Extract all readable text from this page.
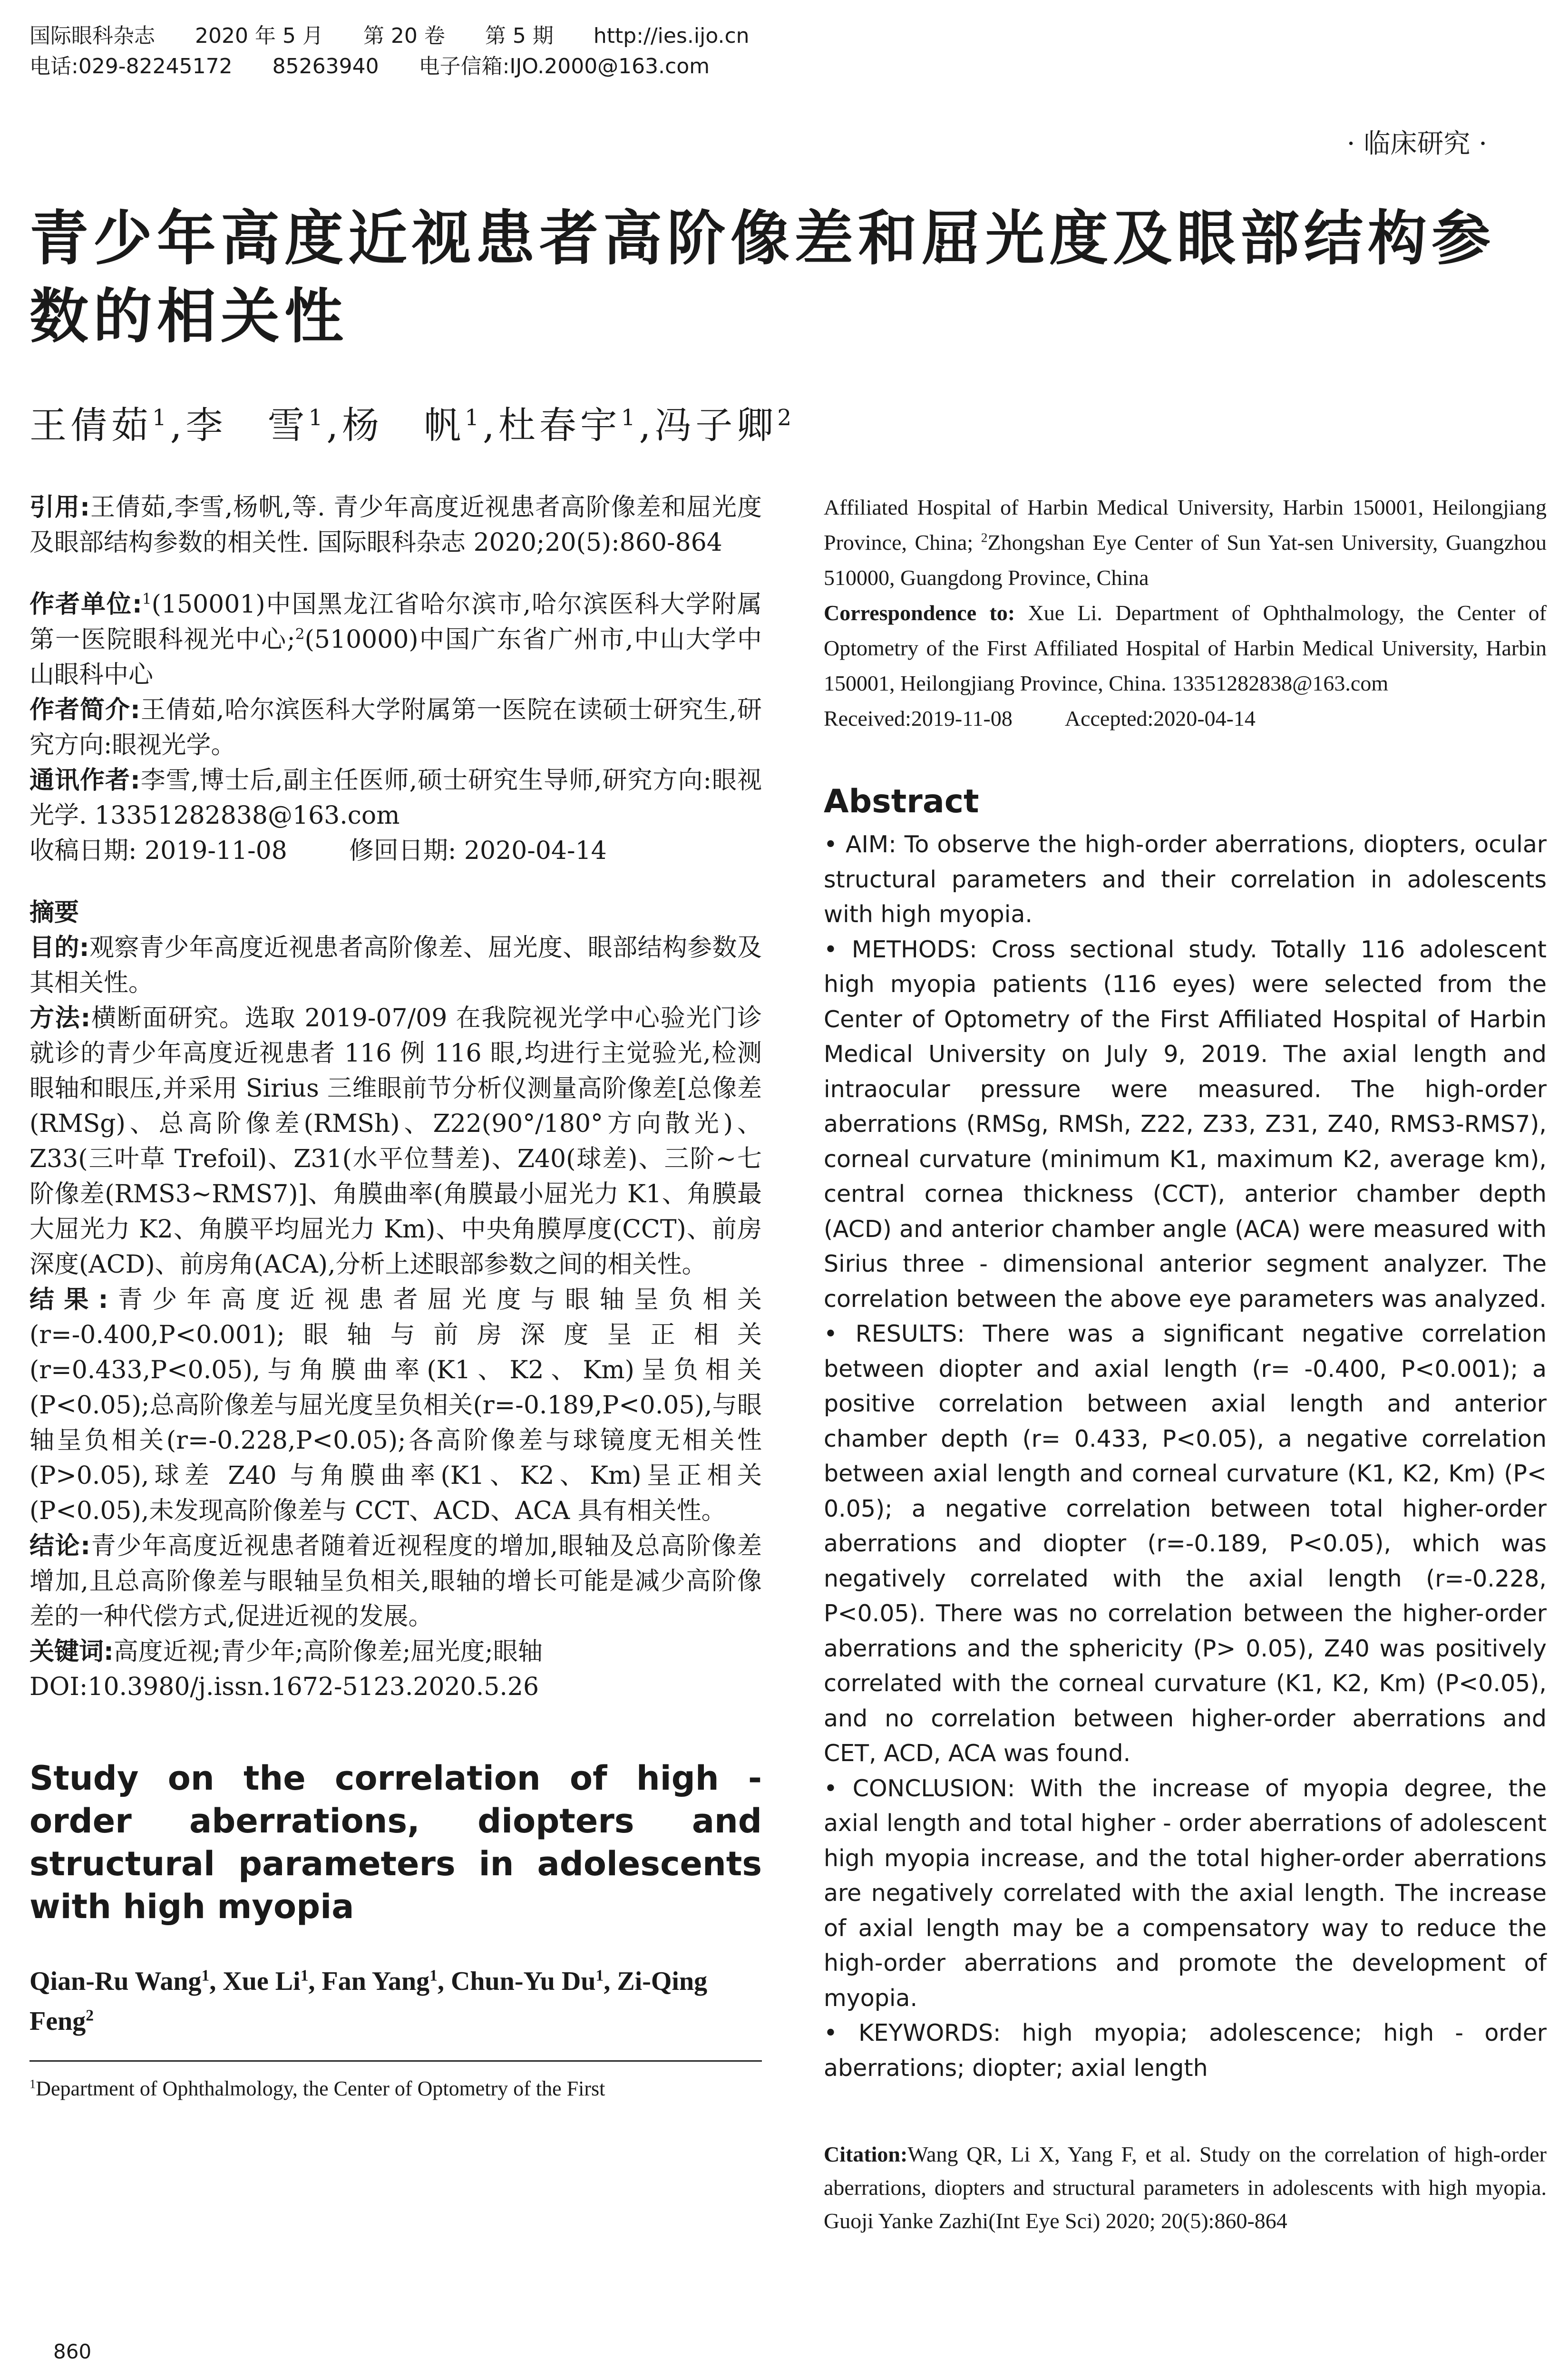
国际眼科杂志 2020 年 5 月 第 20 卷 第 5 期 http://ies.ijo.cn
电话:029-82245172 85263940 电子信箱:IJO.2000@163.com
· 临床研究 ·
青少年高度近视患者高阶像差和屈光度及眼部结构参数的相关性
王倩茹$^1$,李　雪$^1$,杨　帆$^1$,杜春宇$^1$,冯子卿$^2$

引用:王倩茹,李雪,杨帆,等. 青少年高度近视患者高阶像差和屈光度及眼部结构参数的相关性. 国际眼科杂志 2020;20(5):860-864

作者单位:$^1$(150001)中国黑龙江省哈尔滨市,哈尔滨医科大学附属第一医院眼科视光中心;$^2$(510000)中国广东省广州市,中山大学中山眼科中心

作者简介:王倩茹,哈尔滨医科大学附属第一医院在读硕士研究生,研究方向:眼视光学。

通讯作者:李雪,博士后,副主任医师,硕士研究生导师,研究方向:眼视光学. 13351282838@163.com

收稿日期: 2019-11-08	修回日期: 2020-04-14

摘要

目的:观察青少年高度近视患者高阶像差、屈光度、眼部结构参数及其相关性。

方法:横断面研究。选取 2019-07/09 在我院视光学中心验光门诊就诊的青少年高度近视患者 116 例 116 眼,均进行主觉验光,检测眼轴和眼压,并采用 Sirius 三维眼前节分析仪测量高阶像差[总像差(RMSg)、总高阶像差(RMSh)、Z22(90°/180°方向散光)、Z33(三叶草 Trefoil)、Z31(水平位彗差)、Z40(球差)、三阶~七阶像差(RMS3~RMS7)]、角膜曲率(角膜最小屈光力 K1、角膜最大屈光力 K2、角膜平均屈光力 Km)、中央角膜厚度(CCT)、前房深度(ACD)、前房角(ACA),分析上述眼部参数之间的相关性。

结果:青少年高度近视患者屈光度与眼轴呈负相关(r=-0.400,P<0.001);眼轴与前房深度呈正相关(r=0.433,P<0.05),与角膜曲率(K1、K2、Km)呈负相关(P<0.05);总高阶像差与屈光度呈负相关(r=-0.189,P<0.05),与眼轴呈负相关(r=-0.228,P<0.05);各高阶像差与球镜度无相关性(P>0.05),球差 Z40 与角膜曲率(K1、K2、Km)呈正相关(P<0.05),未发现高阶像差与 CCT、ACD、ACA 具有相关性。

结论:青少年高度近视患者随着近视程度的增加,眼轴及总高阶像差增加,且总高阶像差与眼轴呈负相关,眼轴的增长可能是减少高阶像差的一种代偿方式,促进近视的发展。

关键词:高度近视;青少年;高阶像差;屈光度;眼轴

DOI:10.3980/j.issn.1672-5123.2020.5.26

Study on the correlation of high - order aberrations, diopters and structural parameters in adolescents with high myopia
Qian-Ru Wang$^1$, Xue Li$^1$, Fan Yang$^1$, Chun-Yu Du$^1$, Zi-Qing Feng$^2$
$^1$Department of Ophthalmology, the Center of Optometry of the First

Affiliated Hospital of Harbin Medical University, Harbin 150001, Heilongjiang Province, China; $^2$Zhongshan Eye Center of Sun Yat-sen University, Guangzhou 510000, Guangdong Province, China

Correspondence to: Xue Li. Department of Ophthalmology, the Center of Optometry of the First Affiliated Hospital of Harbin Medical University, Harbin 150001, Heilongjiang Province, China. 13351282838@163.com

Received:2019-11-08 Accepted:2020-04-14

Abstract

• AIM: To observe the high-order aberrations, diopters, ocular structural parameters and their correlation in adolescents with high myopia.

• METHODS: Cross sectional study. Totally 116 adolescent high myopia patients (116 eyes) were selected from the Center of Optometry of the First Affiliated Hospital of Harbin Medical University on July 9, 2019. The axial length and intraocular pressure were measured. The high-order aberrations (RMSg, RMSh, Z22, Z33, Z31, Z40, RMS3-RMS7), corneal curvature (minimum K1, maximum K2, average km), central cornea thickness (CCT), anterior chamber depth (ACD) and anterior chamber angle (ACA) were measured with Sirius three - dimensional anterior segment analyzer. The correlation between the above eye parameters was analyzed.

• RESULTS: There was a significant negative correlation between diopter and axial length (r= -0.400, P<0.001); a positive correlation between axial length and anterior chamber depth (r= 0.433, P<0.05), a negative correlation between axial length and corneal curvature (K1, K2, Km) (P< 0.05); a negative correlation between total higher-order aberrations and diopter (r=-0.189, P<0.05), which was negatively correlated with the axial length (r=-0.228, P<0.05). There was no correlation between the higher-order aberrations and the sphericity (P> 0.05), Z40 was positively correlated with the corneal curvature (K1, K2, Km) (P<0.05), and no correlation between higher-order aberrations and CET, ACD, ACA was found.

• CONCLUSION: With the increase of myopia degree, the axial length and total higher - order aberrations of adolescent high myopia increase, and the total higher-order aberrations are negatively correlated with the axial length. The increase of axial length may be a compensatory way to reduce the high-order aberrations and promote the development of myopia.

• KEYWORDS: high myopia; adolescence; high - order aberrations; diopter; axial length

Citation:Wang QR, Li X, Yang F, et al. Study on the correlation of high-order aberrations, diopters and structural parameters in adolescents with high myopia. Guoji Yanke Zazhi(Int Eye Sci) 2020; 20(5):860-864
860
